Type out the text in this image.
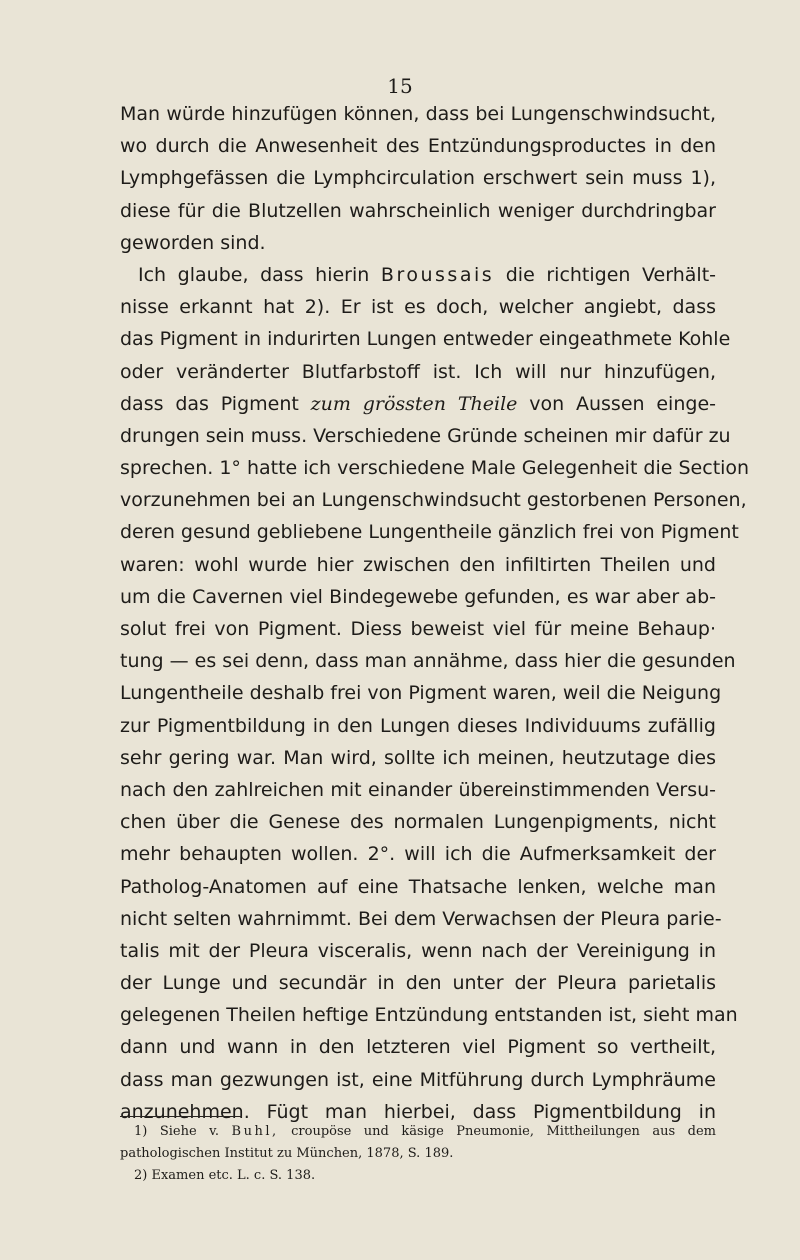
15
Man würde hinzufügen können, dass bei Lungenschwindsucht,
wo durch die Anwesenheit des Entzündungsproductes in den
Lymphgefässen die Lymphcirculation erschwert sein muss 1),
diese für die Blutzellen wahrscheinlich weniger durchdringbar
geworden sind.
Ich glaube, dass hierin Broussais die richtigen Verhält-
nisse erkannt hat 2). Er ist es doch, welcher angiebt, dass
das Pigment in indurirten Lungen entweder eingeathmete Kohle
oder veränderter Blutfarbstoff ist. Ich will nur hinzufügen,
dass das Pigment zum grössten Theile von Aussen einge-
drungen sein muss. Verschiedene Gründe scheinen mir dafür zu
sprechen. 1° hatte ich verschiedene Male Gelegenheit die Section
vorzunehmen bei an Lungenschwindsucht gestorbenen Personen,
deren gesund gebliebene Lungentheile gänzlich frei von Pigment
waren: wohl wurde hier zwischen den infiltirten Theilen und
um die Cavernen viel Bindegewebe gefunden, es war aber ab-
solut frei von Pigment. Diess beweist viel für meine Behaup·
tung — es sei denn, dass man annähme, dass hier die gesunden
Lungentheile deshalb frei von Pigment waren, weil die Neigung
zur Pigmentbildung in den Lungen dieses Individuums zufällig
sehr gering war. Man wird, sollte ich meinen, heutzutage dies
nach den zahlreichen mit einander übereinstimmenden Versu-
chen über die Genese des normalen Lungenpigments, nicht
mehr behaupten wollen. 2°. will ich die Aufmerksamkeit der
Patholog-Anatomen auf eine Thatsache lenken, welche man
nicht selten wahrnimmt. Bei dem Verwachsen der Pleura parie-
talis mit der Pleura visceralis, wenn nach der Vereinigung in
der Lunge und secundär in den unter der Pleura parietalis
gelegenen Theilen heftige Entzündung entstanden ist, sieht man
dann und wann in den letzteren viel Pigment so vertheilt,
dass man gezwungen ist, eine Mitführung durch Lymphräume
anzunehmen. Fügt man hierbei, dass Pigmentbildung in
1) Siehe v. Buhl, croupöse und käsige Pneumonie, Mittheilungen aus dem
pathologischen Institut zu München, 1878, S. 189.
2) Examen etc. L. c. S. 138.
